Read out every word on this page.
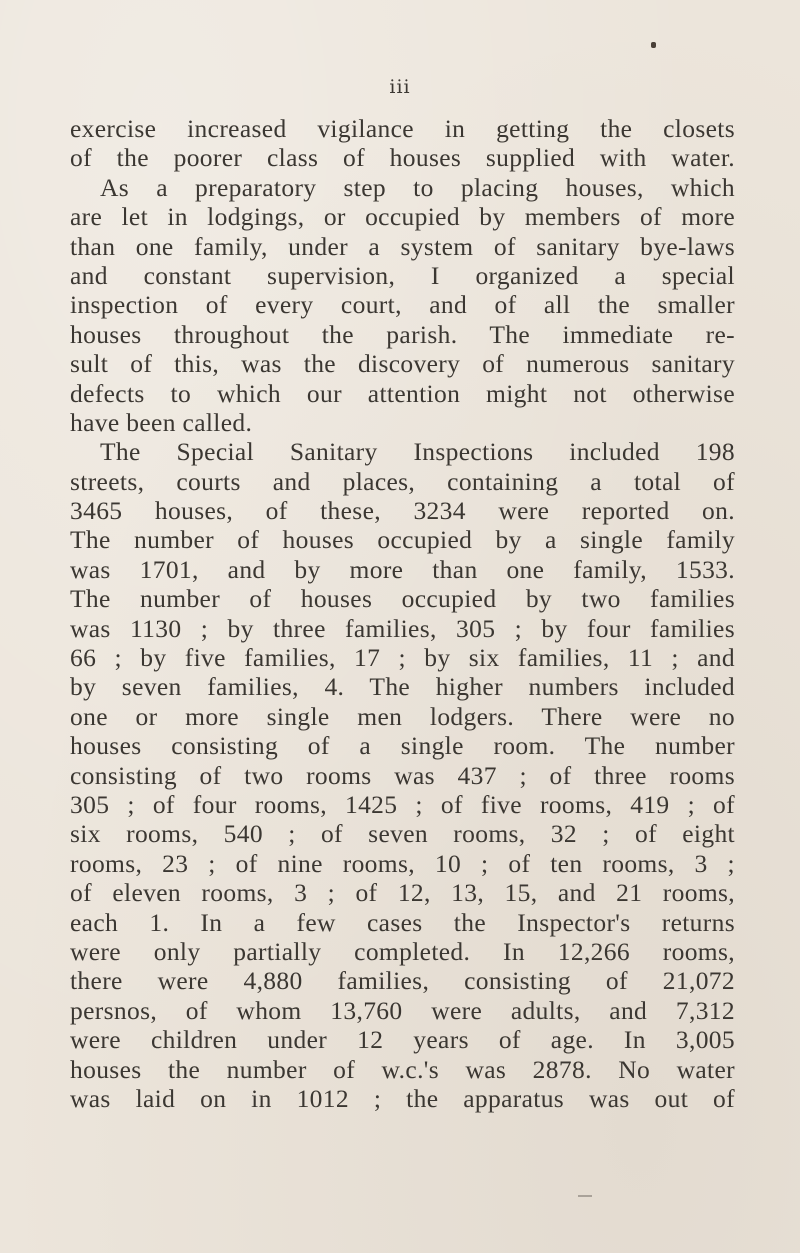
iii
exercise increased vigilance in getting the closets
of the poorer class of houses supplied with water.
As a preparatory step to placing houses, which
are let in lodgings, or occupied by members of more
than one family, under a system of sanitary bye-laws
and constant supervision, I organized a special
inspection of every court, and of all the smaller
houses throughout the parish. The immediate re-
sult of this, was the discovery of numerous sanitary
defects to which our attention might not otherwise
have been called.
The Special Sanitary Inspections included 198
streets, courts and places, containing a total of
3465 houses, of these, 3234 were reported on.
The number of houses occupied by a single family
was 1701, and by more than one family, 1533.
The number of houses occupied by two families
was 1130 ; by three families, 305 ; by four families
66 ; by five families, 17 ; by six families, 11 ; and
by seven families, 4. The higher numbers included
one or more single men lodgers. There were no
houses consisting of a single room. The number
consisting of two rooms was 437 ; of three rooms
305 ; of four rooms, 1425 ; of five rooms, 419 ; of
six rooms, 540 ; of seven rooms, 32 ; of eight
rooms, 23 ; of nine rooms, 10 ; of ten rooms, 3 ;
of eleven rooms, 3 ; of 12, 13, 15, and 21 rooms,
each 1. In a few cases the Inspector's returns
were only partially completed. In 12,266 rooms,
there were 4,880 families, consisting of 21,072
persnos, of whom 13,760 were adults, and 7,312
were children under 12 years of age. In 3,005
houses the number of w.c.'s was 2878. No water
was laid on in 1012 ; the apparatus was out of
